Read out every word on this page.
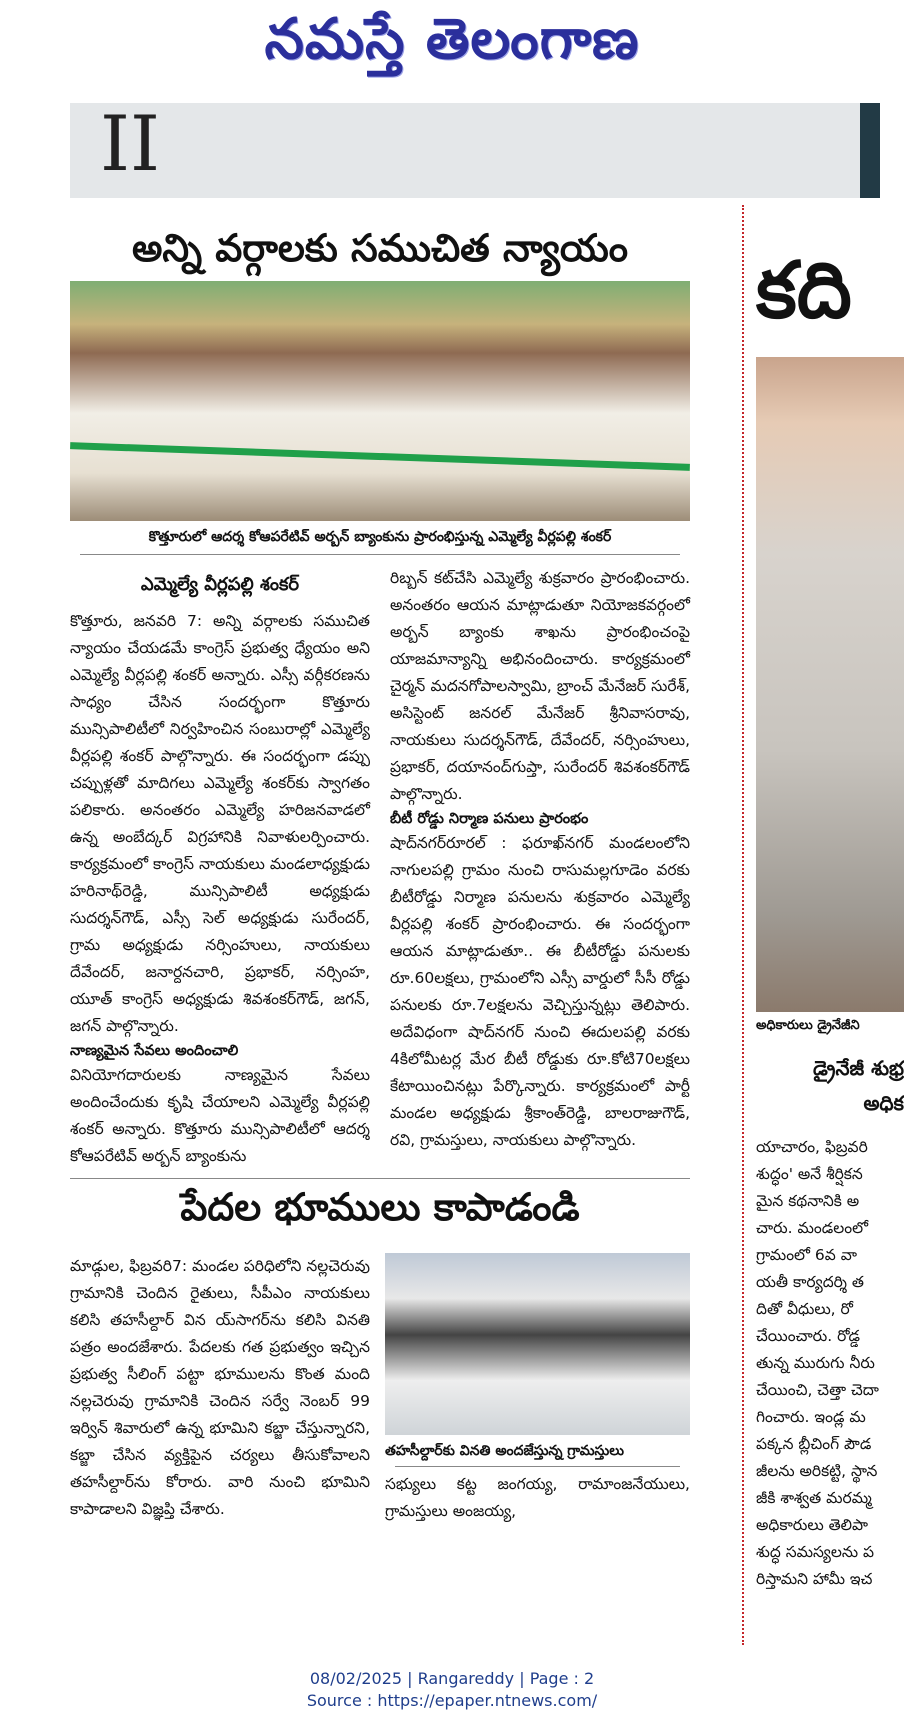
నమస్తే తెలంగాణ
II
అన్ని వర్గాలకు సముచిత న్యాయం
కొత్తూరులో ఆదర్శ కోఆపరేటివ్ అర్బన్ బ్యాంకును ప్రారంభిస్తున్న ఎమ్మెల్యే వీర్లపల్లి శంకర్
ఎమ్మెల్యే వీర్లపల్లి శంకర్
కొత్తూరు, జనవరి 7: అన్ని వర్గాలకు సముచిత న్యాయం చేయడమే కాంగ్రెస్ ప్రభుత్వ ధ్యేయం అని ఎమ్మెల్యే వీర్లపల్లి శంకర్ అన్నారు. ఎస్సీ వర్గీకరణను సాధ్యం చేసిన సందర్భంగా కొత్తూరు మున్సిపాలిటీలో నిర్వహించిన సంబురాల్లో ఎమ్మెల్యే వీర్లపల్లి శంకర్ పాల్గొన్నారు. ఈ సందర్భంగా డప్పు చప్పుళ్లతో మాదిగలు ఎమ్మెల్యే శంకర్‌కు స్వాగతం పలికారు. అనంతరం ఎమ్మెల్యే హరిజనవాడలో ఉన్న అంబేద్కర్ విగ్రహానికి నివాళులర్పించారు. కార్యక్రమంలో కాంగ్రెస్ నాయకులు మండలాధ్యక్షుడు హరినాథ్‌రెడ్డి, మున్సిపాలిటీ అధ్యక్షుడు సుదర్శన్‌గౌడ్, ఎస్సీ సెల్ అధ్యక్షుడు సురేందర్, గ్రామ అధ్యక్షుడు నర్సింహులు, నాయకులు దేవేందర్, జనార్దనచారి, ప్రభాకర్, నర్సింహ, యూత్ కాంగ్రెస్ అధ్యక్షుడు శివశంకర్‌గౌడ్, జగన్, జగన్ పాల్గొన్నారు.
నాణ్యమైన సేవలు అందించాలి
వినియోగదారులకు నాణ్యమైన సేవలు అందించేందుకు కృషి చేయాలని ఎమ్మెల్యే వీర్లపల్లి శంకర్ అన్నారు. కొత్తూరు మున్సిపాలిటీలో ఆదర్శ కోఆపరేటివ్ అర్బన్ బ్యాంకును
రిబ్బన్ కట్‌చేసి ఎమ్మెల్యే శుక్రవారం ప్రారంభించారు. అనంతరం ఆయన మాట్లాడుతూ నియోజకవర్గంలో అర్బన్ బ్యాంకు శాఖను ప్రారంభించంపై యాజమాన్యాన్ని అభినందించారు. కార్యక్రమంలో చైర్మన్ మదనగోపాలస్వామి, బ్రాంచ్ మేనేజర్ సురేశ్, అసిస్టెంట్ జనరల్ మేనేజర్ శ్రీనివాసరావు, నాయకులు సుదర్శన్‌గౌడ్, దేవేందర్, నర్సింహులు, ప్రభాకర్, దయానంద్‌గుప్తా, సురేందర్ శివశంకర్‌గౌడ్ పాల్గొన్నారు.
బీటీ రోడ్డు నిర్మాణ పనులు ప్రారంభం
షాద్‌నగర్‌రూరల్ : ఫరూఖ్‌నగర్ మండలంలోని నాగులపల్లి గ్రామం నుంచి రాసుమల్లగూడెం వరకు బీటీరోడ్డు నిర్మాణ పనులను శుక్రవారం ఎమ్మెల్యే వీర్లపల్లి శంకర్ ప్రారంభించారు. ఈ సందర్భంగా ఆయన మాట్లాడుతూ.. ఈ బీటీరోడ్డు పనులకు రూ.60లక్షలు, గ్రామంలోని ఎస్సీ వార్డులో సీసీ రోడ్డు పనులకు రూ.7లక్షలను వెచ్చిస్తున్నట్లు తెలిపారు. అదేవిధంగా షాద్‌నగర్ నుంచి ఈదులపల్లి వరకు 4కిలోమీటర్ల మేర బీటీ రోడ్డుకు రూ.కోటి70లక్షలు కేటాయించినట్లు పేర్కొన్నారు. కార్యక్రమంలో పార్టీ మండల అధ్యక్షుడు శ్రీకాంత్‌రెడ్డి, బాలరాజుగౌడ్, రవి, గ్రామస్తులు, నాయకులు పాల్గొన్నారు.
పేదల భూములు కాపాడండి
మాడ్గుల, ఫిబ్రవరి7: మండల పరిధిలోని నల్లచెరువు గ్రామానికి చెందిన రైతులు, సీపీఎం నాయకులు కలిసి తహసీల్దార్ విన య్‌సాగర్‌ను కలిసి వినతి పత్రం అందజేశారు. పేదలకు గత ప్రభుత్వం ఇచ్చిన ప్రభుత్వ సీలింగ్ పట్టా భూములను కొంత మంది నల్లచెరువు గ్రామానికి చెందిన సర్వే నెంబర్ 99 ఇర్విన్ శివారులో ఉన్న భూమిని కబ్జా చేస్తున్నారని, కబ్జా చేసిన వ్యక్తిపైన చర్యలు తీసుకోవాలని తహసీల్దార్‌ను కోరారు. వారి నుంచి భూమిని కాపాడాలని విజ్ఞప్తి చేశారు.
తహసీల్దార్‌కు వినతి అందజేస్తున్న గ్రామస్తులు
సభ్యులు కట్ట జంగయ్య, రామాంజనేయులు, గ్రామస్తులు అంజయ్య,
కది
అధికారులు డ్రైనేజీని
డ్రైనేజీ శుభ్ర
అధిక
యాచారం, ఫిబ్రవరి
శుద్ధం' అనే శీర్షికన
మైన కథనానికి అ
చారు. మండలంలో
గ్రామంలో 6వ వా
యతీ కార్యదర్శి త
దితో వీధులు, రో
చేయించారు. రోడ్డ
తున్న మురుగు నీరు
చేయించి, చెత్తా చెదా
గించారు. ఇండ్ల మ
పక్కన బ్లీచింగ్ పౌడ
జీలను అరికట్టి, స్థాన
జీకి శాశ్వత మరమ్మ
అధికారులు తెలిపా
శుద్ధ సమస్యలను ప
రిస్తామని హామీ ఇచ
08/02/2025 | Rangareddy | Page : 2
Source : https://epaper.ntnews.com/
